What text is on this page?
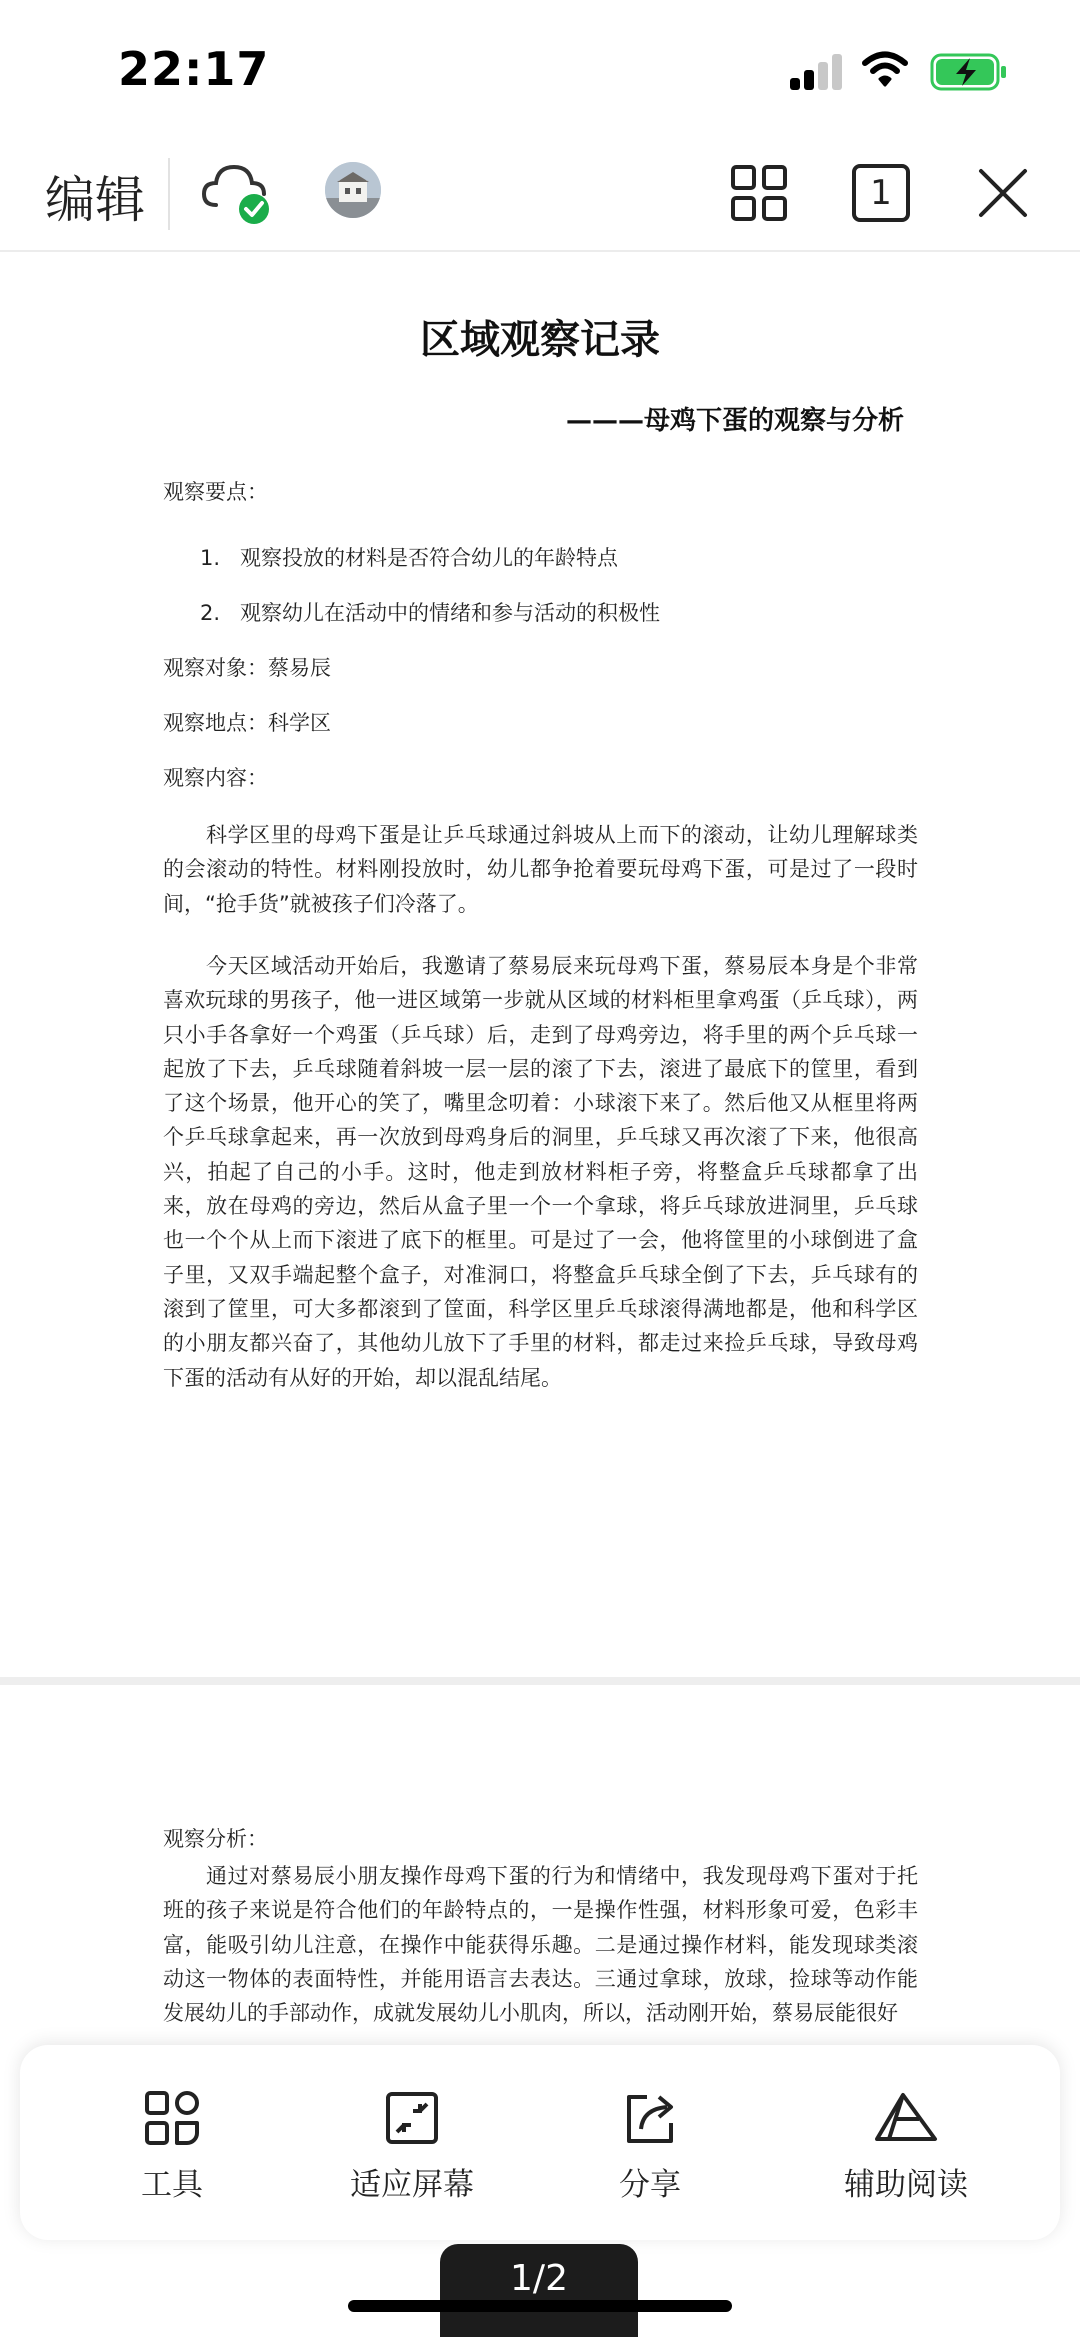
22:17
编辑	1
区域观察记录
———母鸡下蛋的观察与分析
观察要点：
1. 观察投放的材料是否符合幼儿的年龄特点
2. 观察幼儿在活动中的情绪和参与活动的积极性
观察对象：蔡易辰
观察地点：科学区
观察内容：
科学区里的母鸡下蛋是让乒乓球通过斜坡从上而下的滚动，让幼儿理解球类的会滚动的特性。材料刚投放时，幼儿都争抢着要玩母鸡下蛋，可是过了一段时间，“抢手货”就被孩子们冷落了。
今天区域活动开始后，我邀请了蔡易辰来玩母鸡下蛋，蔡易辰本身是个非常喜欢玩球的男孩子，他一进区域第一步就从区域的材料柜里拿鸡蛋（乒乓球），两只小手各拿好一个鸡蛋（乒乓球）后，走到了母鸡旁边，将手里的两个乒乓球一起放了下去，乒乓球随着斜坡一层一层的滚了下去，滚进了最底下的筐里，看到了这个场景，他开心的笑了，嘴里念叨着：小球滚下来了。然后他又从框里将两个乒乓球拿起来，再一次放到母鸡身后的洞里，乒乓球又再次滚了下来，他很高兴，拍起了自己的小手。这时，他走到放材料柜子旁，将整盒乒乓球都拿了出来，放在母鸡的旁边，然后从盒子里一个一个拿球，将乒乓球放进洞里，乒乓球也一个个从上而下滚进了底下的框里。可是过了一会，他将筐里的小球倒进了盒子里，又双手端起整个盒子，对准洞口，将整盒乒乓球全倒了下去，乒乓球有的滚到了筐里，可大多都滚到了筐面，科学区里乒乓球滚得满地都是，他和科学区的小朋友都兴奋了，其他幼儿放下了手里的材料，都走过来捡乒乓球，导致母鸡下蛋的活动有从好的开始，却以混乱结尾。
观察分析：
通过对蔡易辰小朋友操作母鸡下蛋的行为和情绪中，我发现母鸡下蛋对于托班的孩子来说是符合他们的年龄特点的，一是操作性强，材料形象可爱，色彩丰富，能吸引幼儿注意，在操作中能获得乐趣。二是通过操作材料，能发现球类滚动这一物体的表面特性，并能用语言去表达。三通过拿球，放球，捡球等动作能发展幼儿的手部动作，成就发展幼儿小肌肉，所以，活动刚开始，蔡易辰能很好
工具	适应屏幕	分享	辅助阅读
1/2
